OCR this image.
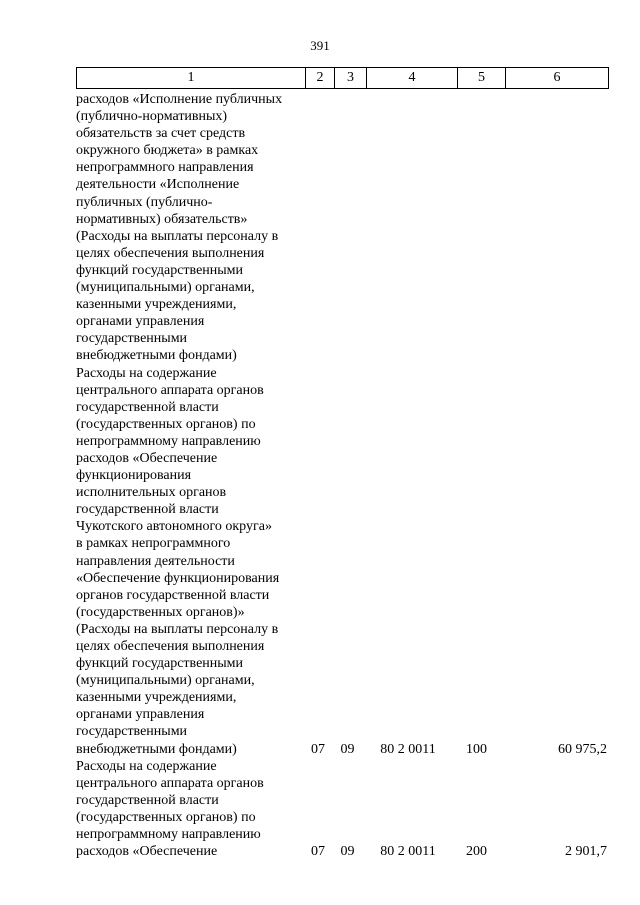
391
1	2	3	4	5	6
расходов «Исполнение публичных
(публично-нормативных)
обязательств за счет средств
окружного бюджета» в рамках
непрограммного направления
деятельности «Исполнение
публичных (публично-
нормативных) обязательств»
(Расходы на выплаты персоналу в
целях обеспечения выполнения
функций государственными
(муниципальными) органами,
казенными учреждениями,
органами управления
государственными
внебюджетными фондами)
Расходы на содержание
центрального аппарата органов
государственной власти
(государственных органов) по
непрограммному направлению
расходов «Обеспечение
функционирования
исполнительных органов
государственной власти
Чукотского автономного округа»
в рамках непрограммного
направления деятельности
«Обеспечение функционирования
органов государственной власти
(государственных органов)»
(Расходы на выплаты персоналу в
целях обеспечения выполнения
функций государственными
(муниципальными) органами,
казенными учреждениями,
органами управления
государственными
внебюджетными фондами)	07	09	80 2 0011	100	60 975,2
Расходы на содержание
центрального аппарата органов
государственной власти
(государственных органов) по
непрограммному направлению
расходов «Обеспечение	07	09	80 2 0011	200	2 901,7
